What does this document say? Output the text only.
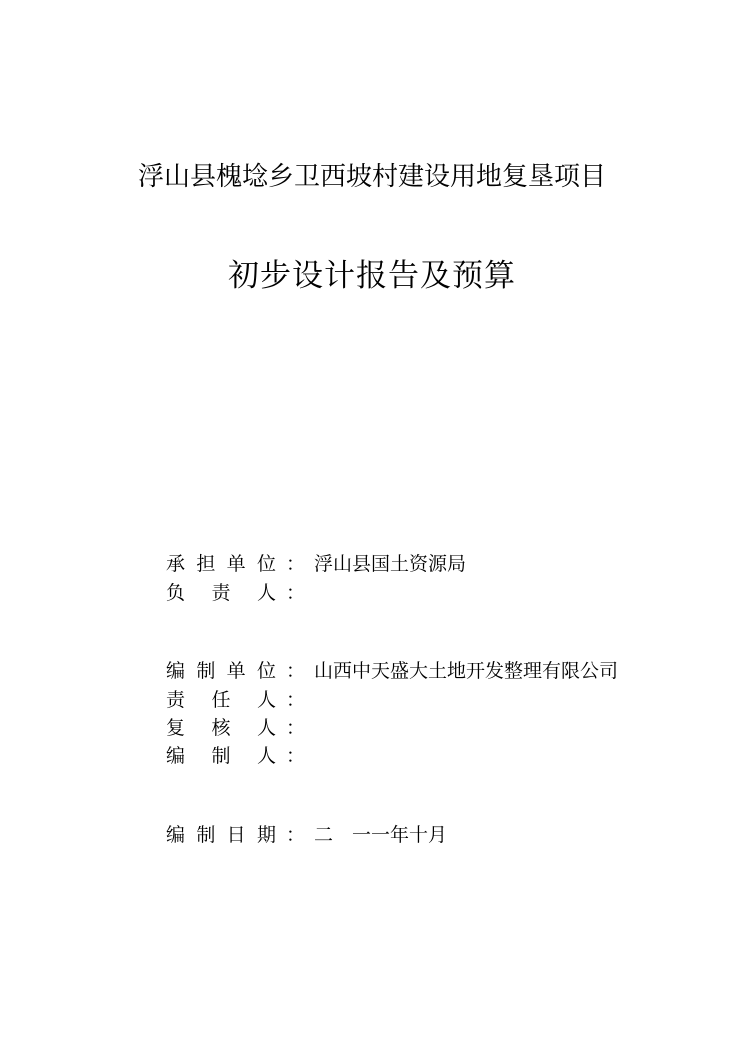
浮山县槐埝乡卫西坡村建设用地复垦项目
初步设计报告及预算
承 担 单 位 ： 浮山县国土资源局
负 责 人 ：
编 制 单 位 ： 山西中天盛大土地开发整理有限公司
责 任 人 ：
复 核 人 ：
编 制 人 ：
编 制 日 期 ： 二　一一年十月
